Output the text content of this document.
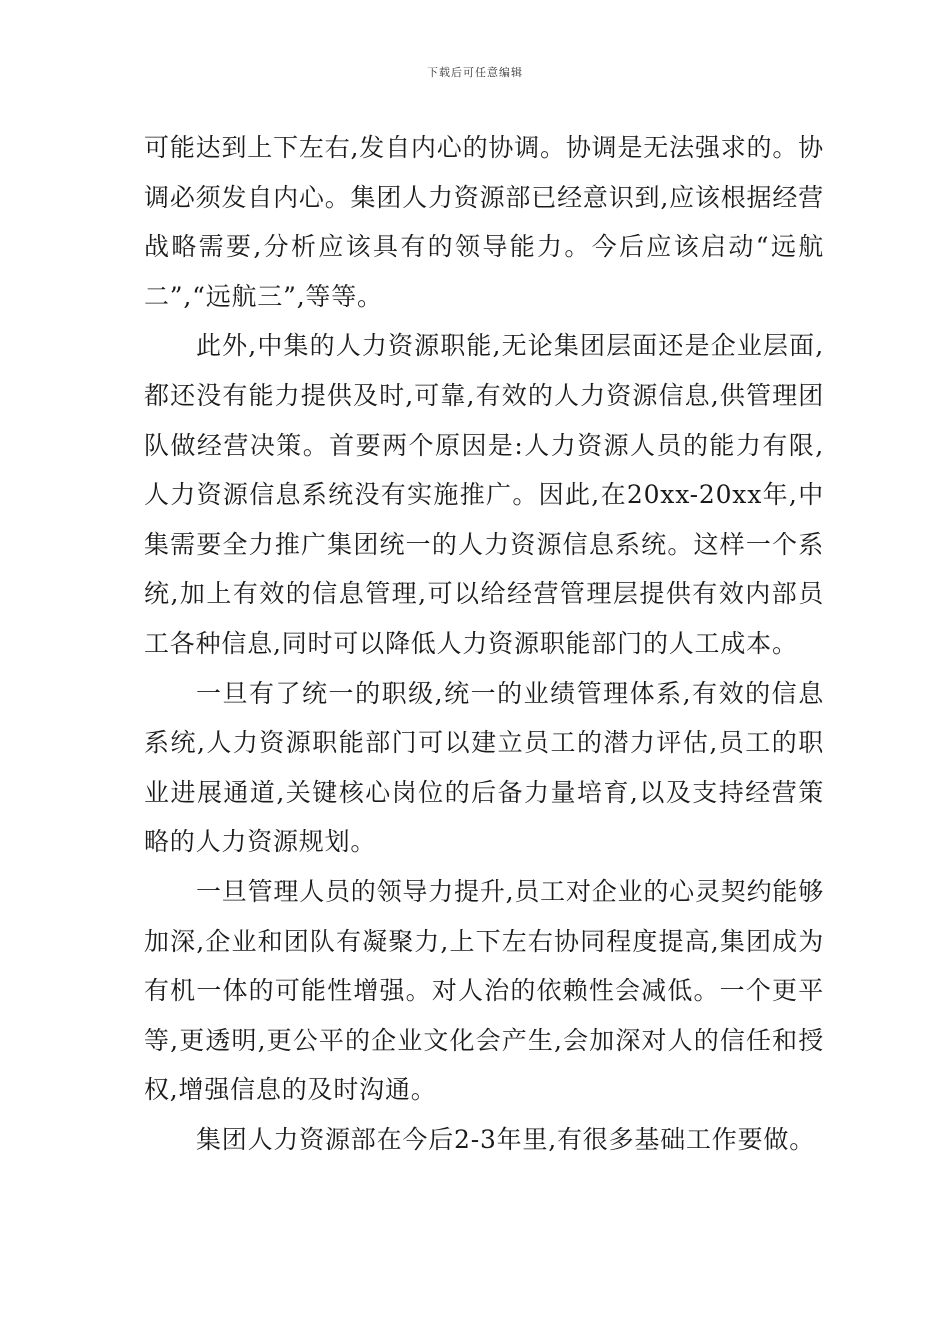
下载后可任意编辑

可能达到上下左右,发自内心的协调。协调是无法强求的。协调必须发自内心。集团人力资源部已经意识到,应该根据经营战略需要,分析应该具有的领导能力。今后应该启动“远航二”,“远航三”,等等。

此外,中集的人力资源职能,无论集团层面还是企业层面,都还没有能力提供及时,可靠,有效的人力资源信息,供管理团队做经营决策。首要两个原因是:人力资源人员的能力有限,人力资源信息系统没有实施推广。因此,在20xx-20xx年,中集需要全力推广集团统一的人力资源信息系统。这样一个系统,加上有效的信息管理,可以给经营管理层提供有效内部员工各种信息,同时可以降低人力资源职能部门的人工成本。

一旦有了统一的职级,统一的业绩管理体系,有效的信息系统,人力资源职能部门可以建立员工的潜力评估,员工的职业进展通道,关键核心岗位的后备力量培育,以及支持经营策略的人力资源规划。

一旦管理人员的领导力提升,员工对企业的心灵契约能够加深,企业和团队有凝聚力,上下左右协同程度提高,集团成为有机一体的可能性增强。对人治的依赖性会减低。一个更平等,更透明,更公平的企业文化会产生,会加深对人的信任和授权,增强信息的及时沟通。

集团人力资源部在今后2-3年里,有很多基础工作要做。
